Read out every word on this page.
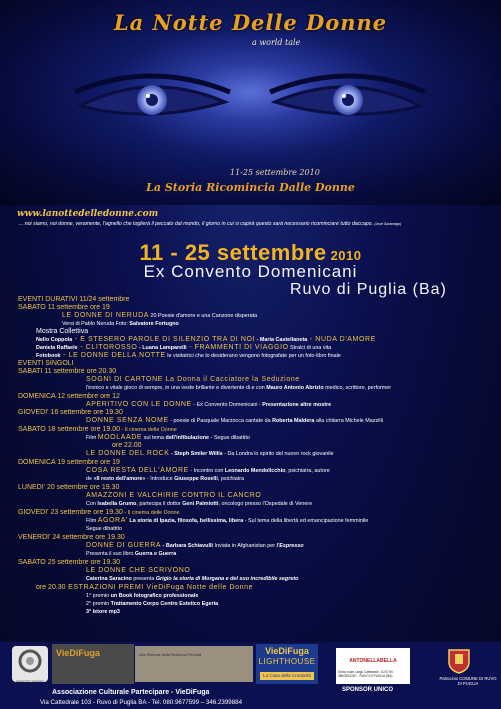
La Notte Delle Donne
a world tale
11-25 settembre 2010
La Storia Ricomincia Dalle Donne
www.lanottedelledonne.com
... noi siamo, noi donne, veramente, l'agnello che toglierà il peccato dal mondo, il giorno in cui si capirà questo sarà necessario ricominciare tutto daccapo. (José Saramago)
11 - 25 settembre 2010
Ex Convento Domenicani
Ruvo di Puglia (Ba)
EVENTI DURATIVI 11/24 settembre
SABATO 11 settembre ore 19
LE DONNE DI NERUDA 20 Poesie d'amore e una Canzone disperata
Versi di Pablo Neruda Foto: Salvatore Fortugno
Mostra Collettiva
Nello Coppola - E STESERO PAROLE DI SILENZIO TRA DI NOI - Maria Castellaneta - NUDA D'AMORE
Daniela Raffaele - CLITOROSSO - Luana Lamparelli - FRAMMENTI DI VIAGGIO Stralci di una vita
Fotobook - LE DONNE DELLA NOTTE le visitatrici che lo desiderano vengono fotografate per un foto-libro finale
EVENTI SINGOLI
SABATI 11 settembre ore 20.30
SOGNI DI CARTONE La Donna il Cacciatore la Seduzione
l'ironico e vitale gioco di sempre, in una veste brillante e divertente di e con Mauro Antonio Abrizio medico, scrittore, performer
DOMENICA 12 settembre ore 12
APERITIVO CON LE DONNE - Ex Convento Domenicani - Presentazione altre mostre
GIOVEDI' 16 settembre ore 19.30
DONNE SENZA NOME - poesie di Pasquale Marzocca cantate da Roberta Maldera alla chitarra Michele Mazzilli
SABATO 18 settembre ore 19.00 - Il cinema delle Donne
Film MOOLAADE sul tema dell'infibulazione - Segue dibattito
ore 22.00
LE DONNE DEL ROCK - Steph Smiler Willis - Da Londra lo spirito del nuovo rock giovanile
DOMENICA 19 settembre ore 19
COSA RESTA DELL'AMORE - Incontro con Leonardo Mendolicchio, psichiatra, autore
de «Il resto dell'amore» - Introduce Giuseppe Roselli, psichiatra
LUNEDI' 20 settembre ore 19.30
AMAZZONI E VALCHIRIE CONTRO IL CANCRO
Con Isabella Grumo, partecipa il dottor Geni Palmiotti, oncologo presso l'Ospedale di Venere
GIOVEDI' 23 settembre ore 19.30 - Il cinema delle Donne
Film AGORA' La storia di Ipazia, filosofa, bellissima, libera - Sul tema della libertà ed emancipazione femminile
Segue dibattito
VENERDI' 24 settembre ore 19.30
DONNE DI GUERRA - Barbara Schiavulli Inviata in Afghanistan per l'Espresso
Presenta il suo libro Guerra e Guerra
SABATO 25 settembre ore 19.30
LE DONNE CHE SCRIVONO
Caterina Saracino presenta Grigio la storia di Morgana e del suo incredibile segreto
ore 20.30 ESTRAZIONI PREMI VieDiFuga Notte delle Donne
1° premio un Book fotografico professionale
2° premio Trattamento Corpo Centro Estetico Egeria
3° letore mp3
PARTECIPARE
VieDiFuga	Alla Ricerca della Bellezza Perduta	VieDiFuga
LIGHTHOUSE
La Casa della Creatività
ANTONELLABELLA
Show room Largo Cattedrale, 1/2/3 Tel. 080/3612267 - RUVO DI PUGLIA (BA)
SPONSOR UNICO
Patrocinio COMUNE DI RUVO DI PUGLIA
Associazione Culturale Partecipare - VieDiFuga
Via Cattedrale 103 - Ruvo di Puglia BA - Tel. 080.9677599 – 346.2399884
